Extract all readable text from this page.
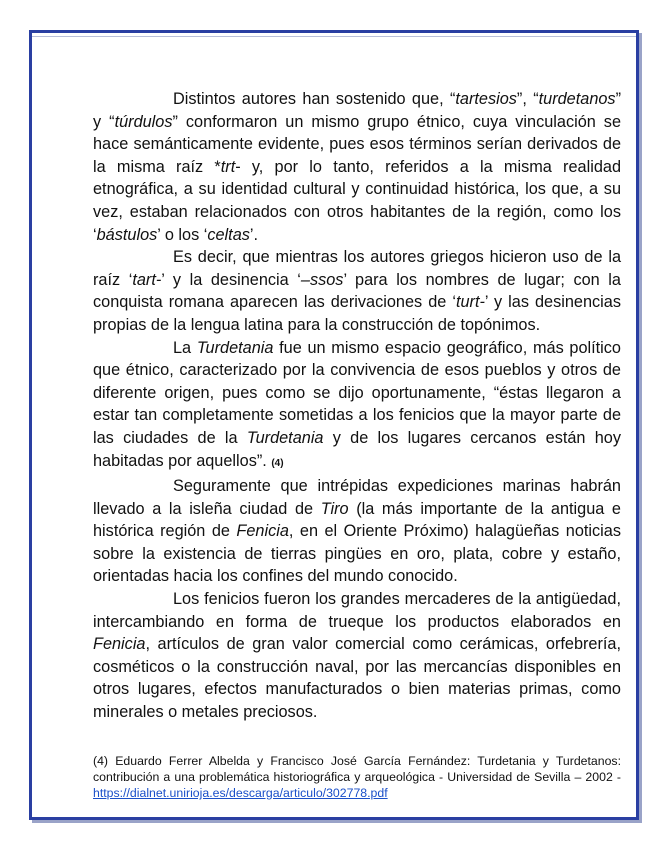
Distintos autores han sostenido que, “tartesios”, “turdetanos” y “túrdulos” conformaron un mismo grupo étnico, cuya vinculación se hace semánticamente evidente, pues esos términos serían derivados de la misma raíz *trt- y, por lo tanto, referidos a la misma realidad etnográfica, a su identidad cultural y continuidad histórica, los que, a su vez, estaban relacionados con otros habitantes de la región, como los ‘bástulos’ o los ‘celtas’.

Es decir, que mientras los autores griegos hicieron uso de la raíz ‘tart-’ y la desinencia ‘–ssos’ para los nombres de lugar; con la conquista romana aparecen las derivaciones de ‘turt-’ y las desinencias propias de la lengua latina para la construcción de topónimos.

La Turdetania fue un mismo espacio geográfico, más político que étnico, caracterizado por la convivencia de esos pueblos y otros de diferente origen, pues como se dijo oportunamente, “éstas llegaron a estar tan completamente sometidas a los fenicios que la mayor parte de las ciudades de la Turdetania y de los lugares cercanos están hoy habitadas por aquellos”. (4)

Seguramente que intrépidas expediciones marinas habrán llevado a la isleña ciudad de Tiro (la más importante de la antigua e histórica región de Fenicia, en el Oriente Próximo) halagüeñas noticias sobre la existencia de tierras pingües en oro, plata, cobre y estaño, orientadas hacia los confines del mundo conocido.

Los fenicios fueron los grandes mercaderes de la antigüedad, intercambiando en forma de trueque los productos elaborados en Fenicia, artículos de gran valor comercial como cerámicas, orfebrería, cosméticos o la construcción naval, por las mercancías disponibles en otros lugares, efectos manufacturados o bien materias primas, como minerales o metales preciosos.

(4) Eduardo Ferrer Albelda y Francisco José García Fernández: Turdetania y Turdetanos: contribución a una problemática historiográfica y arqueológica - Universidad de Sevilla – 2002 - https://dialnet.unirioja.es/descarga/articulo/302778.pdf
